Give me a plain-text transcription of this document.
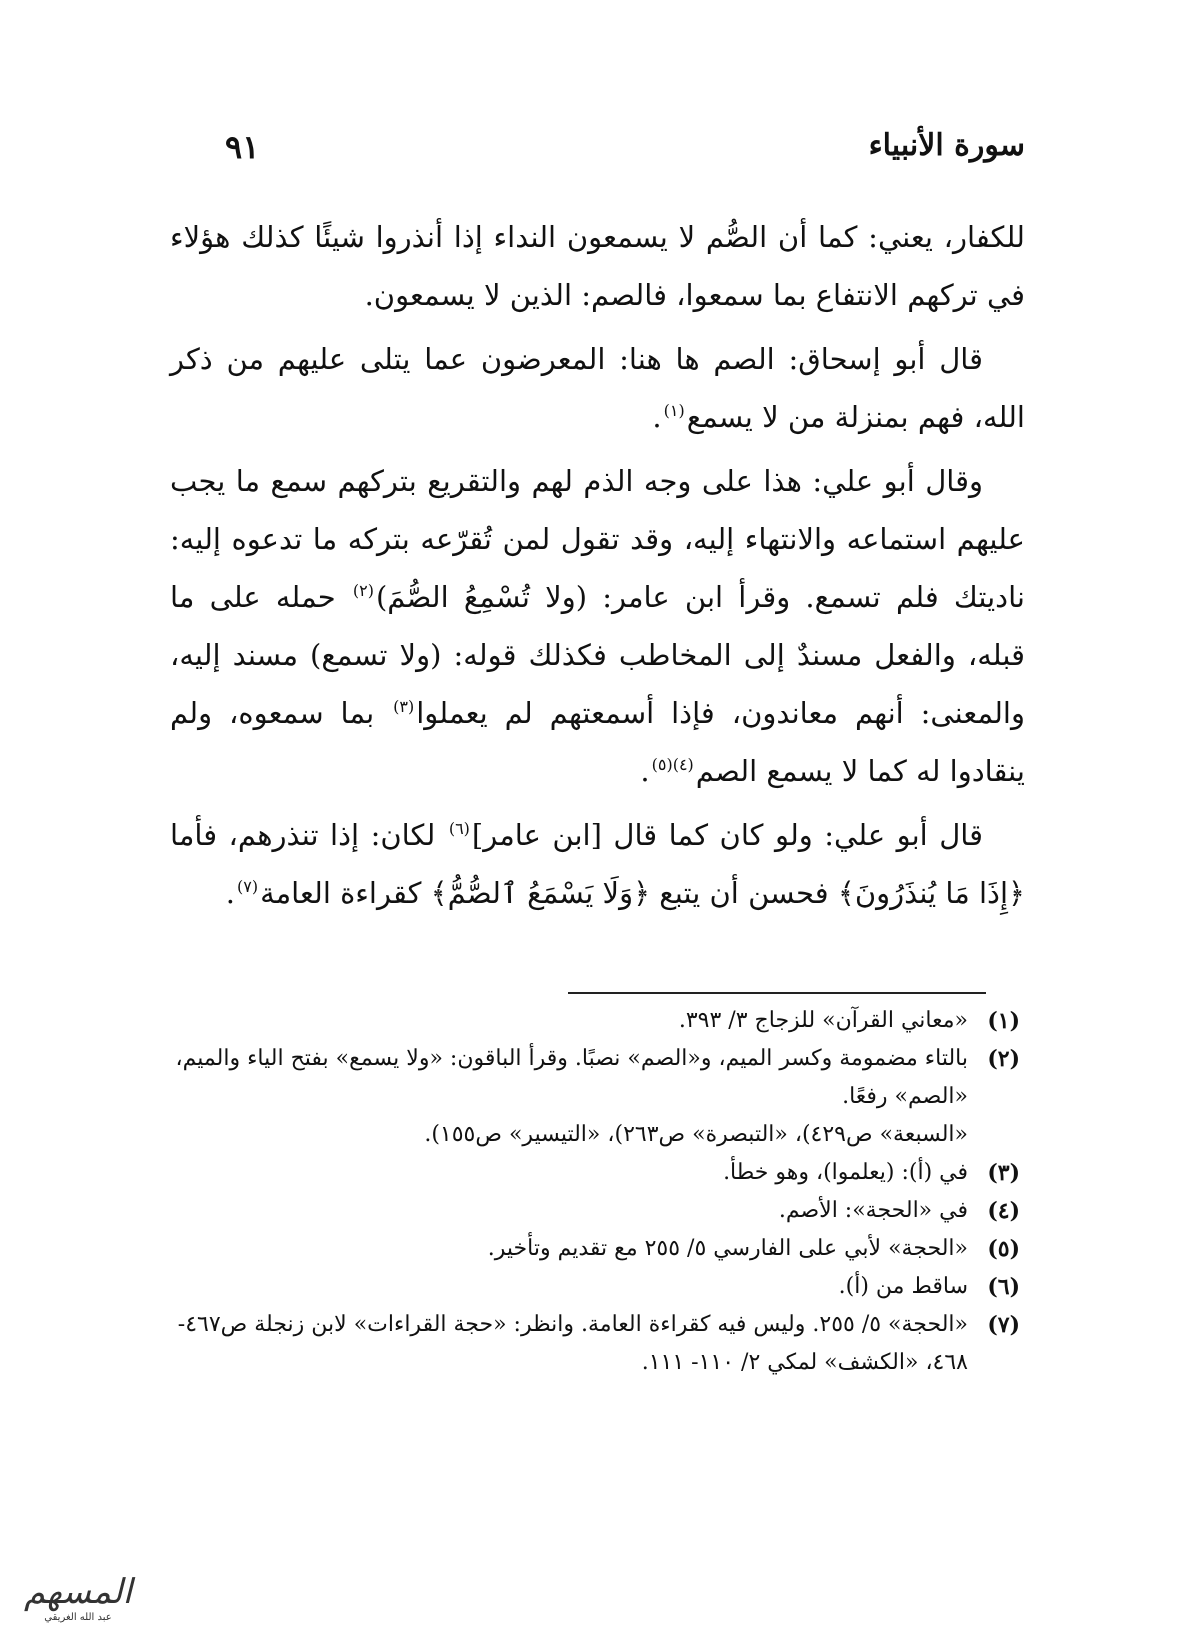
سورة الأنبياء
٩١

للكفار، يعني: كما أن الصُّم لا يسمعون النداء إذا أنذروا شيئًا كذلك هؤلاء في تركهم الانتفاع بما سمعوا، فالصم: الذين لا يسمعون.

قال أبو إسحاق: الصم ها هنا: المعرضون عما يتلى عليهم من ذكر الله، فهم بمنزلة من لا يسمع$^{(١)}$.

وقال أبو علي: هذا على وجه الذم لهم والتقريع بتركهم سمع ما يجب عليهم استماعه والانتهاء إليه، وقد تقول لمن تُقرّعه بتركه ما تدعوه إليه: ناديتك فلم تسمع. وقرأ ابن عامر: (ولا تُسْمِعُ الصُّمَ)$^{(٢)}$ حمله على ما قبله، والفعل مسندٌ إلى المخاطب فكذلك قوله: (ولا تسمع) مسند إليه، والمعنى: أنهم معاندون، فإذا أسمعتهم لم يعملوا$^{(٣)}$ بما سمعوه، ولم ينقادوا له كما لا يسمع الصم$^{(٤)(٥)}$.

قال أبو علي: ولو كان كما قال [ابن عامر]$^{(٦)}$ لكان: إذا تنذرهم، فأما ﴿إِذَا مَا يُنذَرُونَ﴾ فحسن أن يتبع ﴿وَلَا يَسْمَعُ ٱلصُّمُّ﴾ كقراءة العامة$^{(٧)}$.

(١)
«معاني القرآن» للزجاج ٣/ ٣٩٣.
(٢)
بالتاء مضمومة وكسر الميم، و«الصم» نصبًا. وقرأ الباقون: «ولا يسمع» بفتح الياء والميم، «الصم» رفعًا.
«السبعة» ص٤٢٩)، «التبصرة» ص٢٦٣)، «التيسير» ص١٥٥).
(٣)
في (أ): (يعلموا)، وهو خطأ.
(٤)
في «الحجة»: الأصم.
(٥)
«الحجة» لأبي على الفارسي ٥/ ٢٥٥ مع تقديم وتأخير.
(٦)
ساقط من (أ).
(٧)
«الحجة» ٥/ ٢٥٥. وليس فيه كقراءة العامة. وانظر: «حجة القراءات» لابن زنجلة ص٤٦٧- ٤٦٨، «الكشف» لمكي ٢/ ١١٠- ١١١.
المسهم
عبد الله الغريقي
